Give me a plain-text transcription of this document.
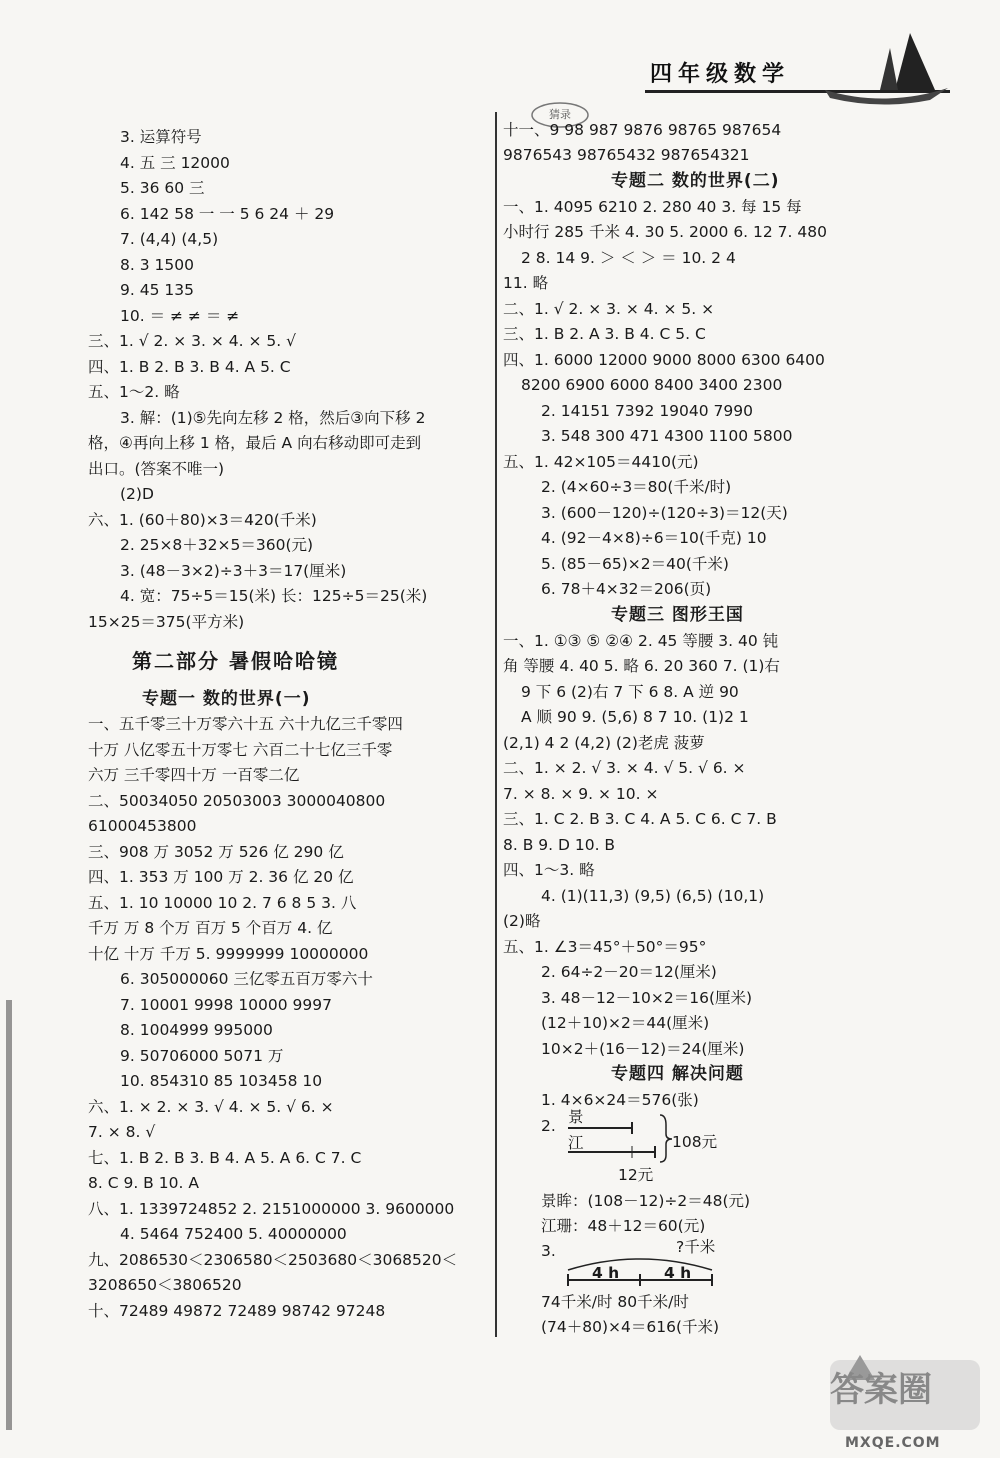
四年级数学
猜录
3. 运算符号
4. 五 三 12000
5. 36 60 三
6. 142 58 一 一 5 6 24 ＋ 29
7. (4,4) (4,5)
8. 3 1500
9. 45 135
10. ＝ ≠ ≠ ＝ ≠
三、1. √ 2. × 3. × 4. × 5. √
四、1. B 2. B 3. B 4. A 5. C
五、1～2. 略
3. 解：(1)⑤先向左移 2 格，然后③向下移 2
格，④再向上移 1 格，最后 A 向右移动即可走到
出口。(答案不唯一)
(2)D
六、1. (60＋80)×3＝420(千米)
2. 25×8＋32×5＝360(元)
3. (48－3×2)÷3＋3＝17(厘米)
4. 宽：75÷5＝15(米) 长：125÷5＝25(米)
15×25＝375(平方米)
第二部分 暑假哈哈镜
专题一 数的世界(一)
一、五千零三十万零六十五 六十九亿三千零四
十万 八亿零五十万零七 六百二十七亿三千零
六万 三千零四十万 一百零二亿
二、50034050 20503003 3000040800
61000453800
三、908 万 3052 万 526 亿 290 亿
四、1. 353 万 100 万 2. 36 亿 20 亿
五、1. 10 10000 10 2. 7 6 8 5 3. 八
千万 万 8 个万 百万 5 个百万 4. 亿
十亿 十万 千万 5. 9999999 10000000
6. 305000060 三亿零五百万零六十
7. 10001 9998 10000 9997
8. 1004999 995000
9. 50706000 5071 万
10. 854310 85 103458 10
六、1. × 2. × 3. √ 4. × 5. √ 6. ×
7. × 8. √
七、1. B 2. B 3. B 4. A 5. A 6. C 7. C
8. C 9. B 10. A
八、1. 1339724852 2. 2151000000 3. 9600000
4. 5464 752400 5. 40000000
九、2086530＜2306580＜2503680＜3068520＜
3208650＜3806520
十、72489 49872 72489 98742 97248
十一、9 98 987 9876 98765 987654
9876543 98765432 987654321
专题二 数的世界(二)
一、1. 4095 6210 2. 280 40 3. 每 15 每
小时行 285 千米 4. 30 5. 2000 6. 12 7. 480
2 8. 14 9. ＞ ＜ ＞ ＝ 10. 2 4
11. 略
二、1. √ 2. × 3. × 4. × 5. ×
三、1. B 2. A 3. B 4. C 5. C
四、1. 6000 12000 9000 8000 6300 6400
8200 6900 6000 8400 3400 2300
2. 14151 7392 19040 7990
3. 548 300 471 4300 1100 5800
五、1. 42×105＝4410(元)
2. (4×60÷3＝80(千米/时)
3. (600－120)÷(120÷3)＝12(天)
4. (92－4×8)÷6＝10(千克) 10
5. (85－65)×2＝40(千米)
6. 78＋4×32＝206(页)
专题三 图形王国
一、1. ①③ ⑤ ②④ 2. 45 等腰 3. 40 钝
角 等腰 4. 40 5. 略 6. 20 360 7. (1)右
9 下 6 (2)右 7 下 6 8. A 逆 90
A 顺 90 9. (5,6) 8 7 10. (1)2 1
(2,1) 4 2 (4,2) (2)老虎 菠萝
二、1. × 2. √ 3. × 4. √ 5. √ 6. ×
7. × 8. × 9. × 10. ×
三、1. C 2. B 3. C 4. A 5. C 6. C 7. B
8. B 9. D 10. B
四、1～3. 略
4. (1)(11,3) (9,5) (6,5) (10,1)
(2)略
五、1. ∠3＝45°＋50°＝95°
2. 64÷2－20＝12(厘米)
3. 48－12－10×2＝16(厘米)
(12＋10)×2＝44(厘米)
10×2＋(16－12)＝24(厘米)
专题四 解决问题
1. 4×6×24＝576(张)
2.
景眸：(108－12)÷2＝48(元)
江珊：48＋12＝60(元)
3.
74千米/时 80千米/时
(74＋80)×4＝616(千米)
景
江	108元
12元
?千米
4 h	4 h
答案圈
MXQE.COM
